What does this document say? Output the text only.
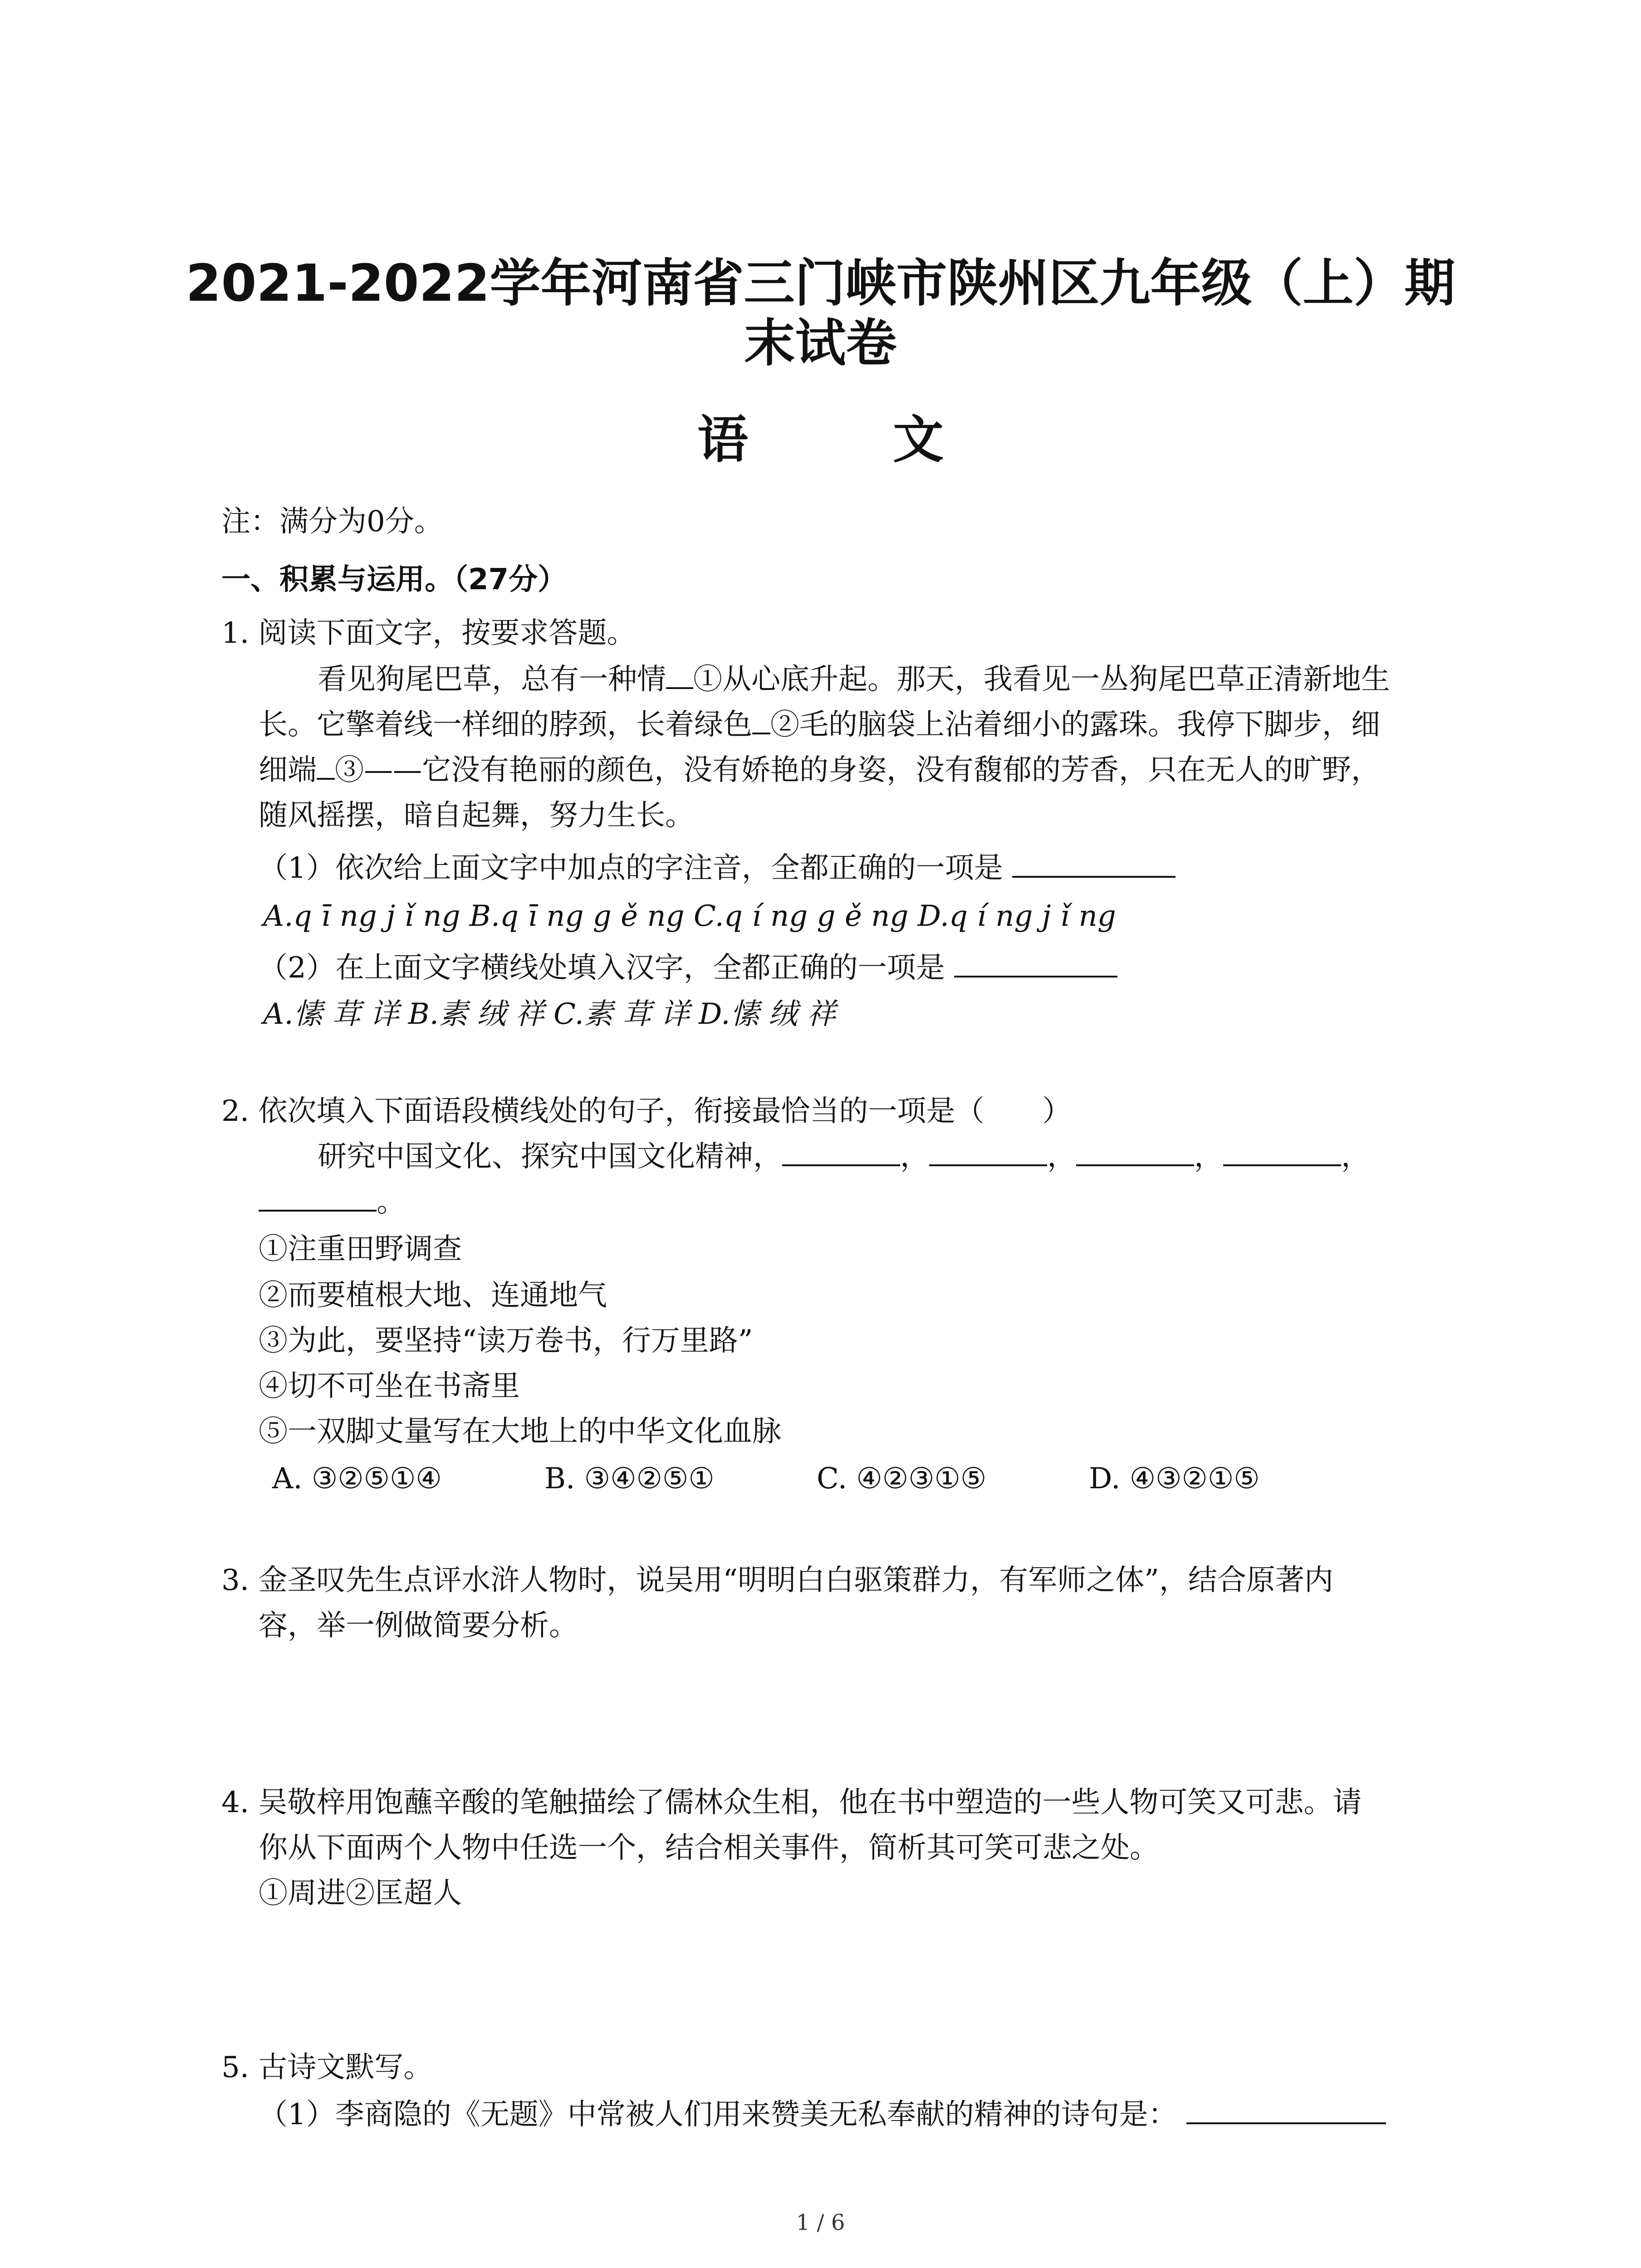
2021-2022学年河南省三门峡市陕州区九年级（上）期
末试卷
语 文
注：满分为0分。
一、积累与运用。（27分）
1. 阅读下面文字，按要求答题。
看见狗尾巴草，总有一种情 ①从心底升起。那天，我看见一丛狗尾巴草正清新地生
长。它擎着线一样细的脖颈，长着绿色 ②毛的脑袋上沾着细小的露珠。我停下脚步，细
细端 ③——它没有艳丽的颜色，没有娇艳的身姿，没有馥郁的芳香，只在无人的旷野，
随风摇摆，暗自起舞，努力生长。
（1）依次给上面文字中加点的字注音，全都正确的一项是
A.q ī ng j ǐ ng B.q ī ng g ě ng C.q í ng g ě ng D.q í ng j ǐ ng
（2）在上面文字横线处填入汉字，全都正确的一项是
A.愫 茸 详 B.素 绒 祥 C.素 茸 详 D.愫 绒 祥
2. 依次填入下面语段横线处的句子，衔接最恰当的一项是（　　）
研究中国文化、探究中国文化精神，	，	，	，	，
。
①注重田野调查
②而要植根大地、连通地气
③为此，要坚持“读万卷书，行万里路”
④切不可坐在书斋里
⑤一双脚丈量写在大地上的中华文化血脉
A. ③②⑤①④	B. ③④②⑤①	C. ④②③①⑤	D. ④③②①⑤
3. 金圣叹先生点评水浒人物时，说吴用“明明白白驱策群力，有军师之体”，结合原著内
容，举一例做简要分析。
4. 吴敬梓用饱蘸辛酸的笔触描绘了儒林众生相，他在书中塑造的一些人物可笑又可悲。请
你从下面两个人物中任选一个，结合相关事件，简析其可笑可悲之处。
①周进②匡超人
5. 古诗文默写。
（1）李商隐的《无题》中常被人们用来赞美无私奉献的精神的诗句是：
1 / 6
